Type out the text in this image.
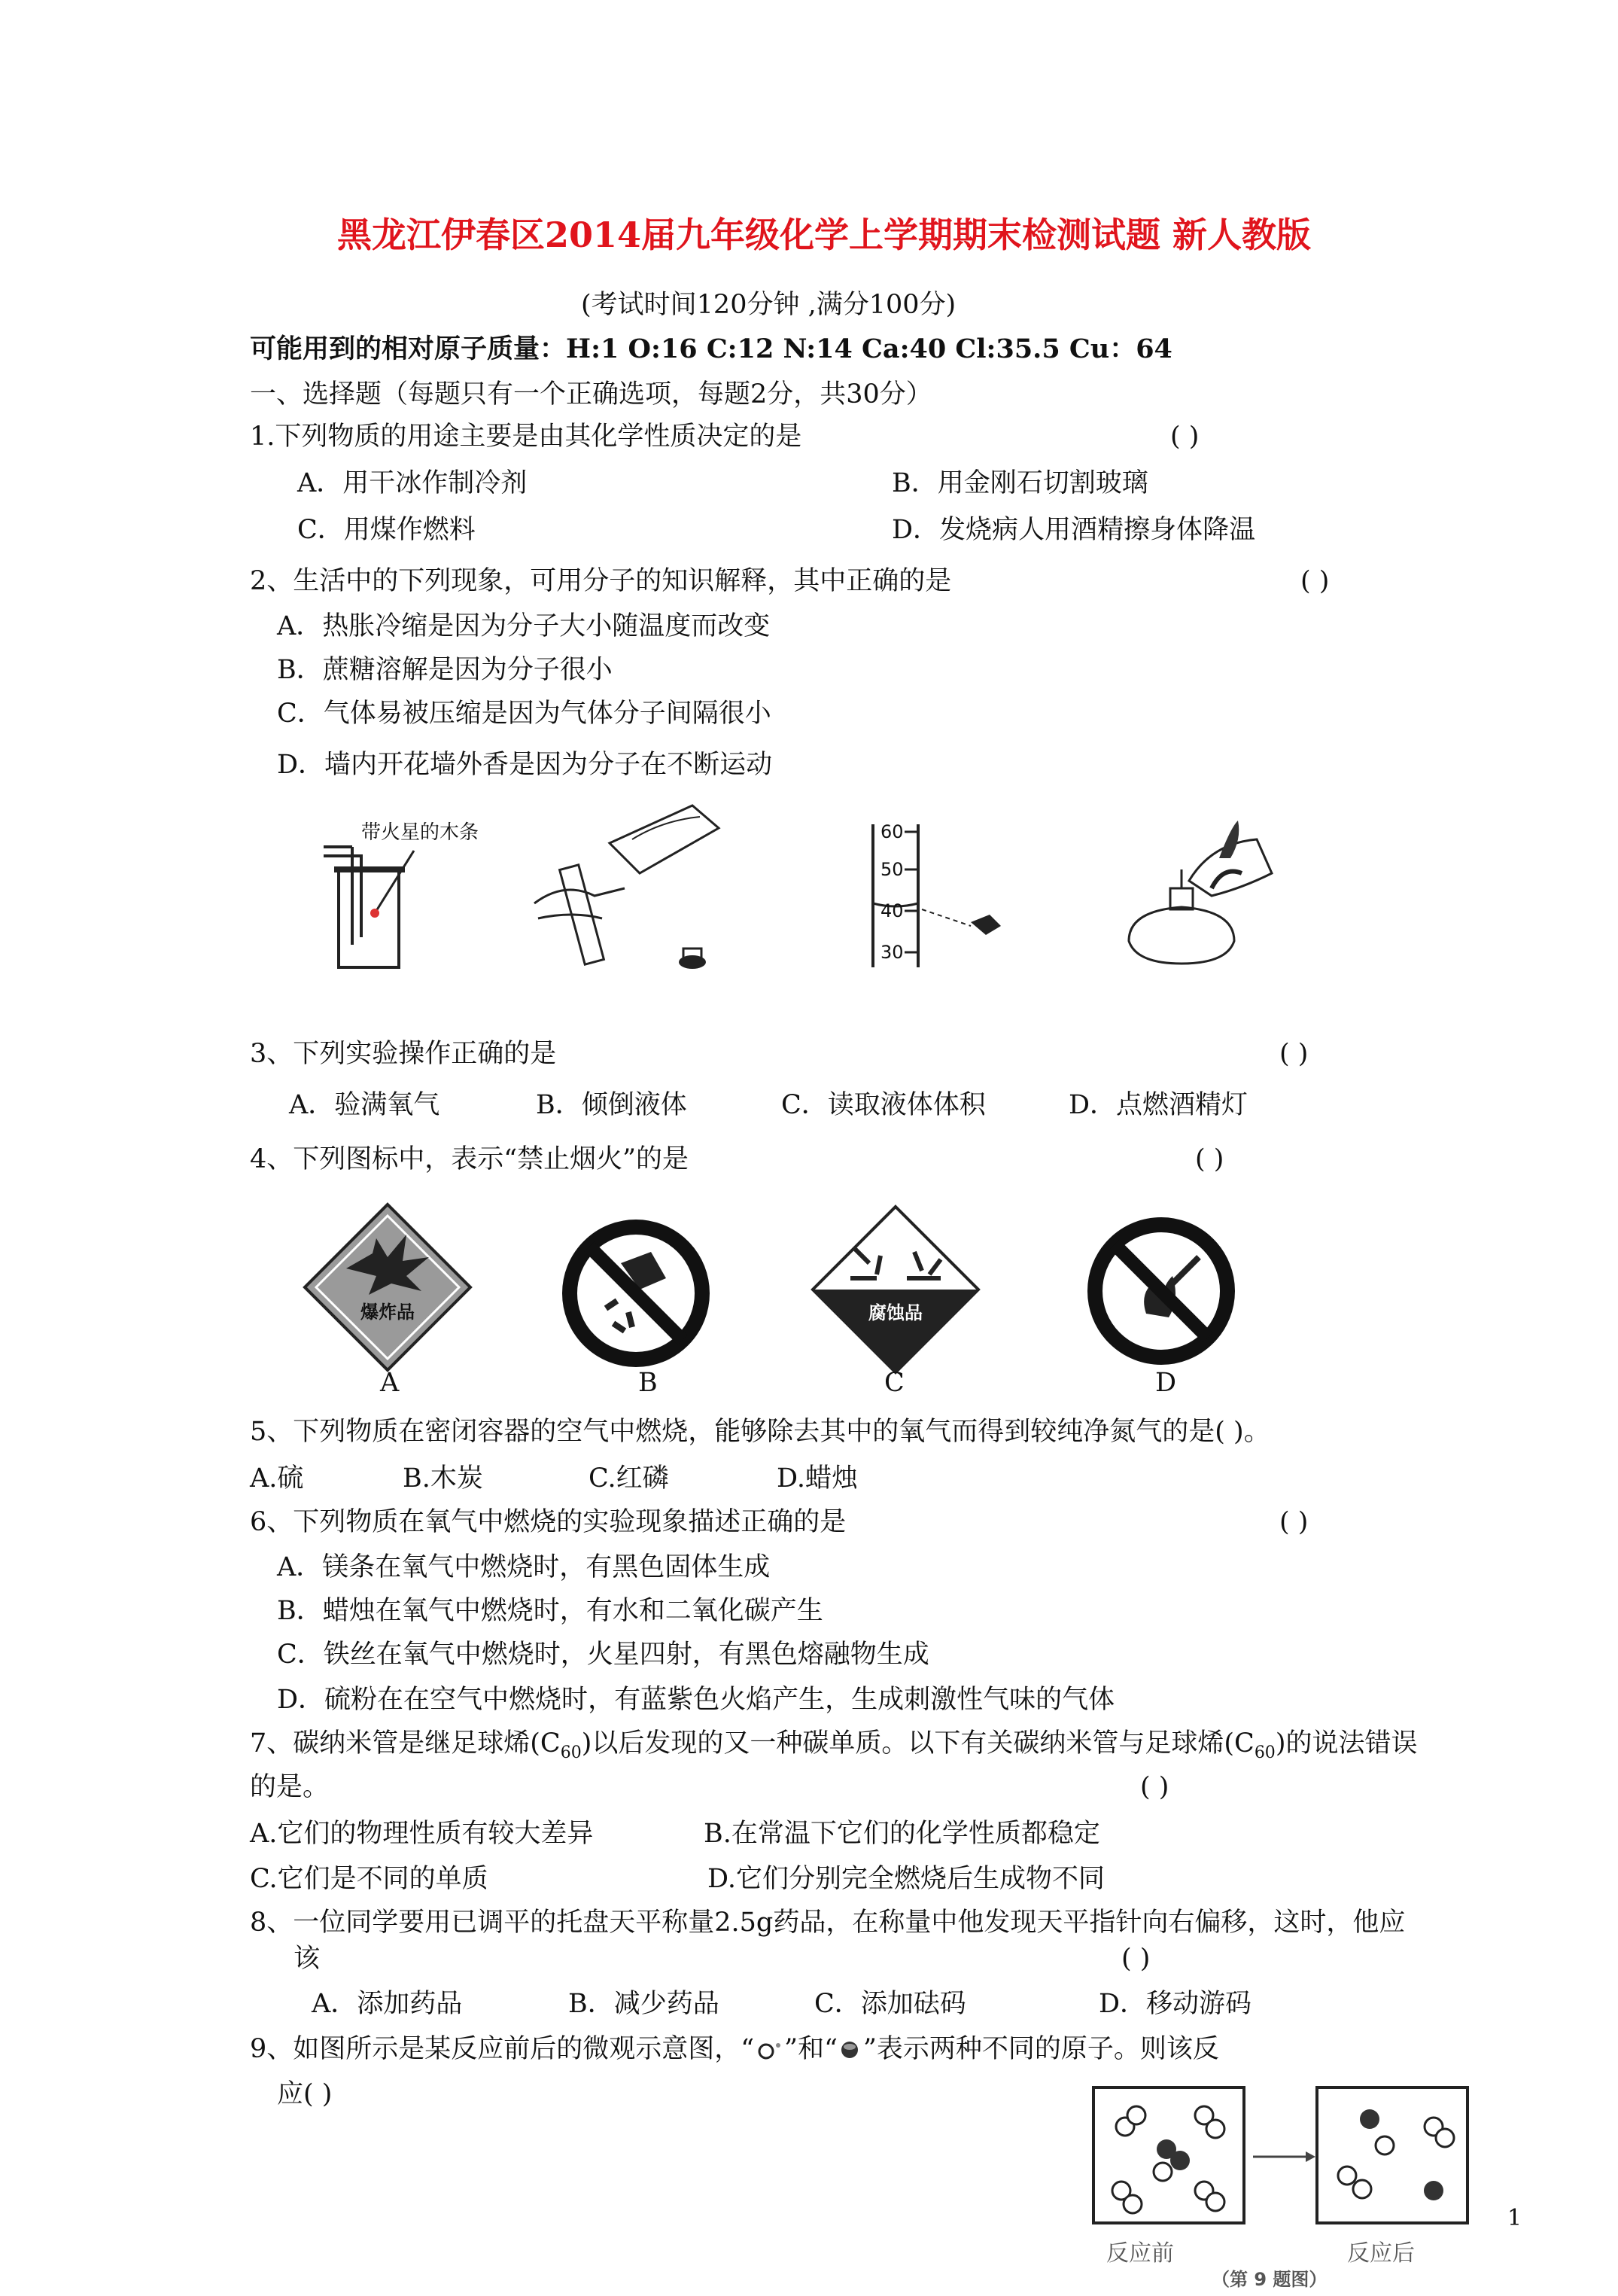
黑龙江伊春区2014届九年级化学上学期期末检测试题 新人教版
(考试时间120分钟 ,满分100分)
可能用到的相对原子质量：H:1 O:16 C:12 N:14 Ca:40 Cl:35.5 Cu：64
一、选择题（每题只有一个正确选项，每题2分，共30分）
1.下列物质的用途主要是由其化学性质决定的是	( )
A．用干冰作制冷剂	B．用金刚石切割玻璃
C．用煤作燃料	D．发烧病人用酒精擦身体降温
2、生活中的下列现象，可用分子的知识解释，其中正确的是	( )
A．热胀冷缩是因为分子大小随温度而改变
B．蔗糖溶解是因为分子很小
C．气体易被压缩是因为气体分子间隔很小
D．墙内开花墙外香是因为分子在不断运动
带火星的木条	60
50
40
30
3、下列实验操作正确的是	( )
A．验满氧气	B．倾倒液体	C．读取液体体积	D．点燃酒精灯
4、下列图标中，表示“禁止烟火”的是	( )
爆炸品	腐蚀品
A	B	C	D
5、下列物质在密闭容器的空气中燃烧，能够除去其中的氧气而得到较纯净氮气的是( )。
A.硫	B.木炭	C.红磷	D.蜡烛
6、下列物质在氧气中燃烧的实验现象描述正确的是	( )
A．镁条在氧气中燃烧时，有黑色固体生成
B．蜡烛在氧气中燃烧时，有水和二氧化碳产生
C．铁丝在氧气中燃烧时，火星四射，有黑色熔融物生成
D．硫粉在在空气中燃烧时，有蓝紫色火焰产生，生成刺激性气味的气体
7、碳纳米管是继足球烯$(C_{60})$以后发现的又一种碳单质。以下有关碳纳米管与足球烯$(C_{60})$的说法错误
的是。	( )
A.它们的物理性质有较大差异	B.在常温下它们的化学性质都稳定
C.它们是不同的单质	D.它们分别完全燃烧后生成物不同
8、一位同学要用已调平的托盘天平称量2.5g药品，在称量中他发现天平指针向右偏移，这时，他应
该	( )
A．添加药品	B．减少药品	C．添加砝码	D．移动游码
9、如图所示是某反应前后的微观示意图，“ ”和“ ”表示两种不同的原子。则该反
应( )
反应前	反应后
（第 9 题图）
1
